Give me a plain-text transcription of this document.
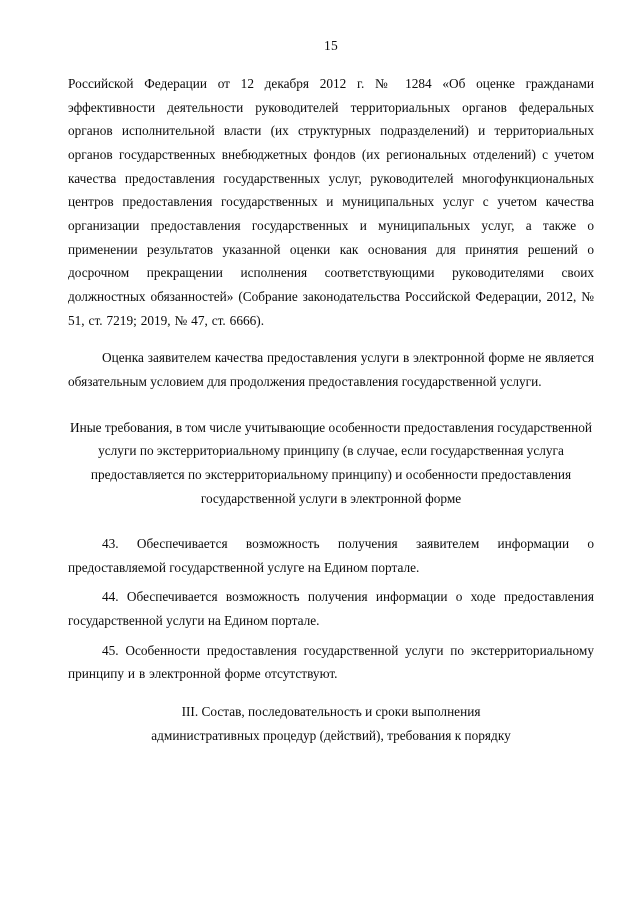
15

Российской Федерации от 12 декабря 2012 г. № 1284 «Об оценке гражданами эффективности деятельности руководителей территориальных органов федеральных органов исполнительной власти (их структурных подразделений) и территориальных органов государственных внебюджетных фондов (их региональных отделений) с учетом качества предоставления государственных услуг, руководителей многофункциональных центров предоставления государственных и муниципальных услуг с учетом качества организации предоставления государственных и муниципальных услуг, а также о применении результатов указанной оценки как основания для принятия решений о досрочном прекращении исполнения соответствующими руководителями своих должностных обязанностей» (Собрание законодательства Российской Федерации, 2012, № 51, ст. 7219; 2019, № 47, ст. 6666).

Оценка заявителем качества предоставления услуги в электронной форме не является обязательным условием для продолжения предоставления государственной услуги.

Иные требования, в том числе учитывающие особенности предоставления государственной услуги по экстерриториальному принципу (в случае, если государственная услуга предоставляется по экстерриториальному принципу) и особенности предоставления государственной услуги в электронной форме

43. Обеспечивается возможность получения заявителем информации о предоставляемой государственной услуге на Едином портале.

44. Обеспечивается возможность получения информации о ходе предоставления государственной услуги на Едином портале.

45. Особенности предоставления государственной услуги по экстерриториальному принципу и в электронной форме отсутствуют.

III. Состав, последовательность и сроки выполнения

административных процедур (действий), требования к порядку
